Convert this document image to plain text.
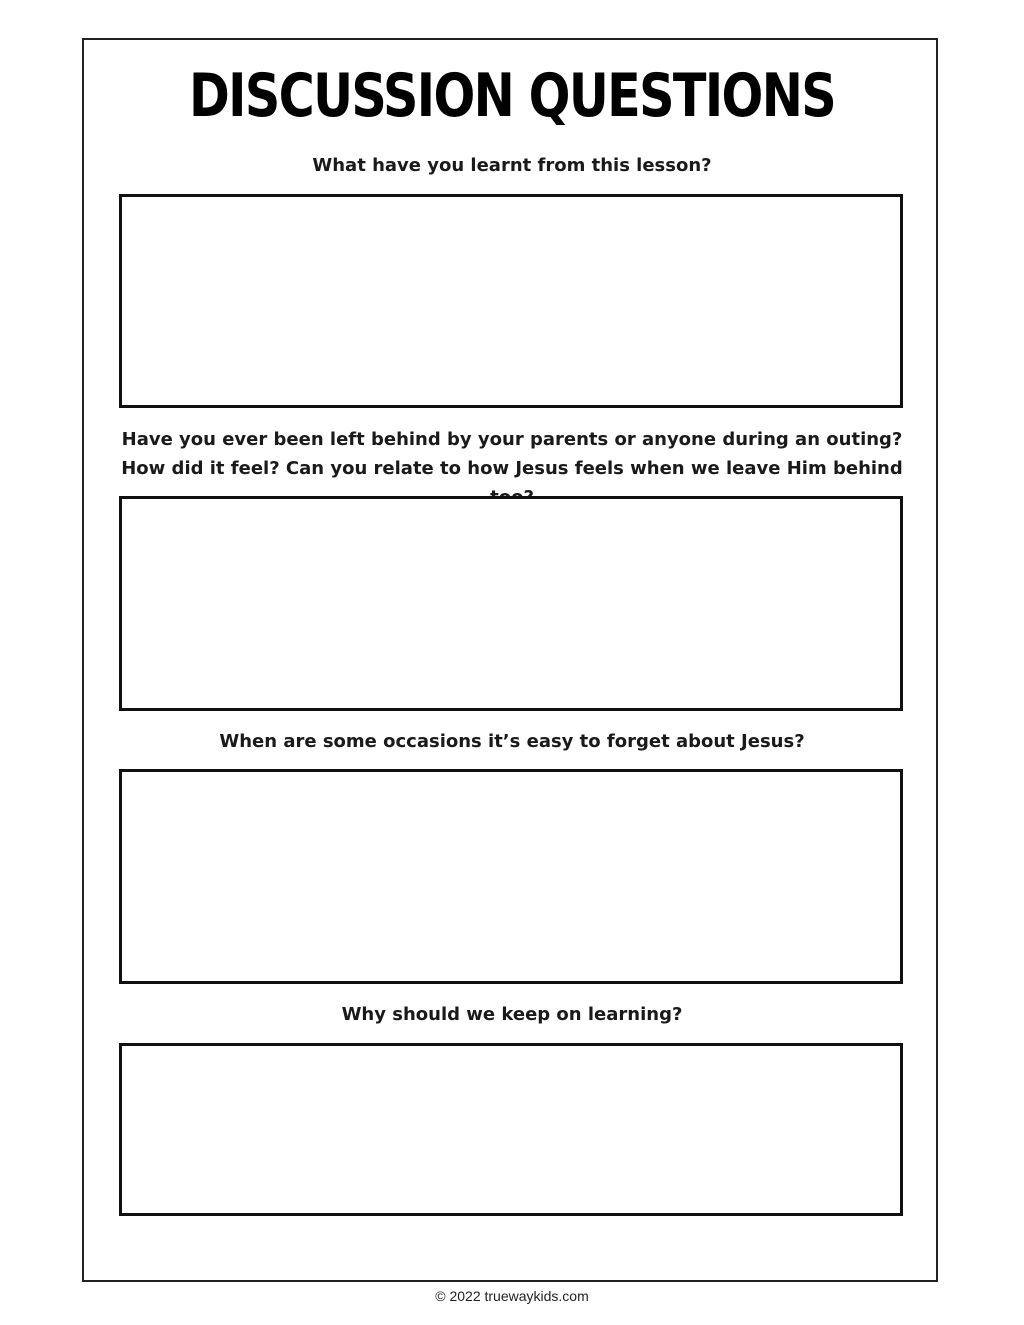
DISCUSSION QUESTIONS
What have you learnt from this lesson?
Have you ever been left behind by your parents or anyone during an outing? How did it feel? Can you relate to how Jesus feels when we leave Him behind
When are some occasions it’s easy to forget about Jesus?
Why should we keep on learning?
© 2022 truewaykids.com
